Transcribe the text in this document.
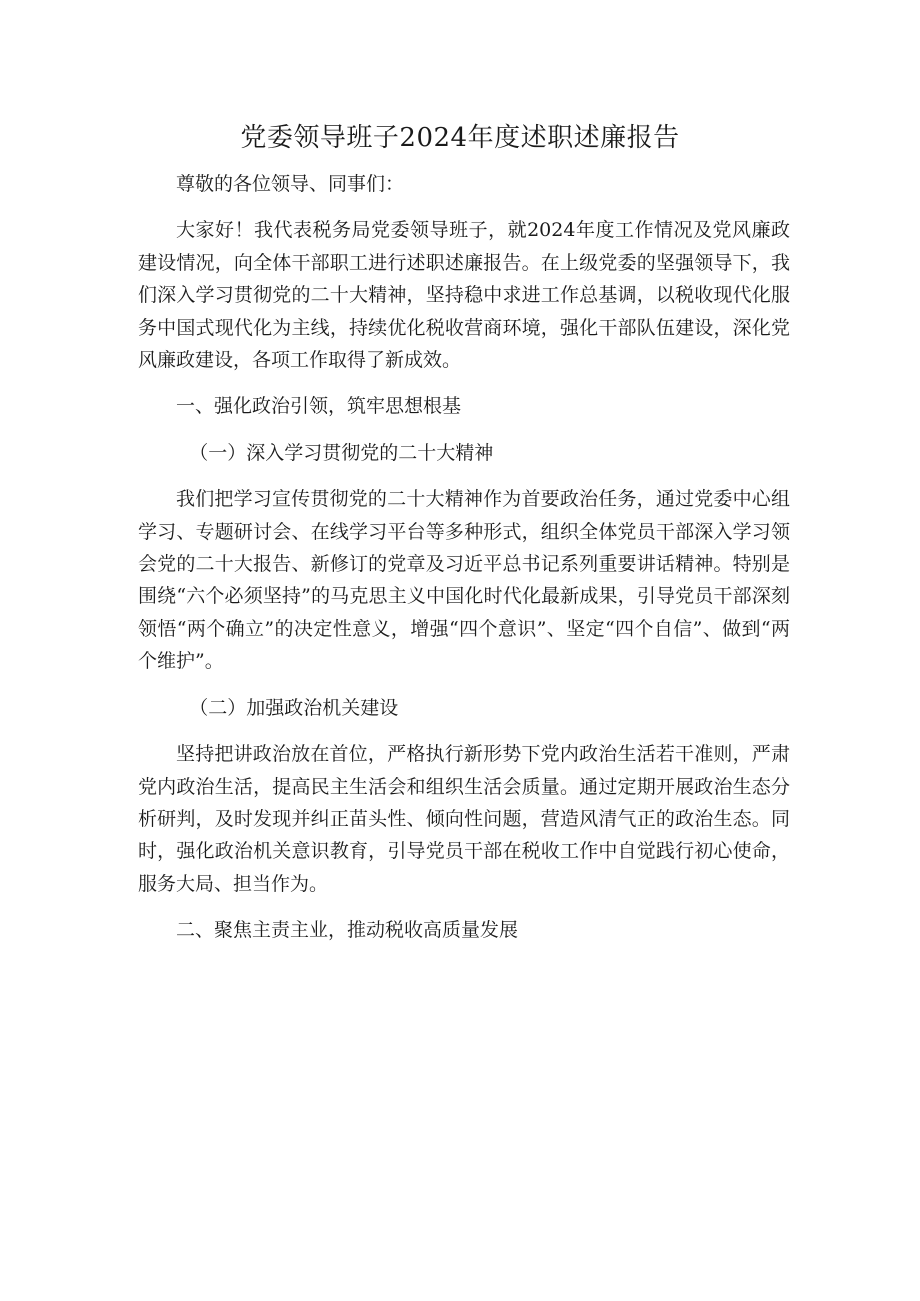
党委领导班子2024年度述职述廉报告

尊敬的各位领导、同事们：

大家好！我代表税务局党委领导班子，就2024年度工作情况及党风廉政建设情况，向全体干部职工进行述职述廉报告。在上级党委的坚强领导下，我们深入学习贯彻党的二十大精神，坚持稳中求进工作总基调，以税收现代化服务中国式现代化为主线，持续优化税收营商环境，强化干部队伍建设，深化党风廉政建设，各项工作取得了新成效。

一、强化政治引领，筑牢思想根基

（一）深入学习贯彻党的二十大精神

我们把学习宣传贯彻党的二十大精神作为首要政治任务，通过党委中心组学习、专题研讨会、在线学习平台等多种形式，组织全体党员干部深入学习领会党的二十大报告、新修订的党章及习近平总书记系列重要讲话精神。特别是围绕“六个必须坚持”的马克思主义中国化时代化最新成果，引导党员干部深刻领悟“两个确立”的决定性意义，增强“四个意识”、坚定“四个自信”、做到“两个维护”。

（二）加强政治机关建设

坚持把讲政治放在首位，严格执行新形势下党内政治生活若干准则，严肃党内政治生活，提高民主生活会和组织生活会质量。通过定期开展政治生态分析研判，及时发现并纠正苗头性、倾向性问题，营造风清气正的政治生态。同时，强化政治机关意识教育，引导党员干部在税收工作中自觉践行初心使命，服务大局、担当作为。

二、聚焦主责主业，推动税收高质量发展
